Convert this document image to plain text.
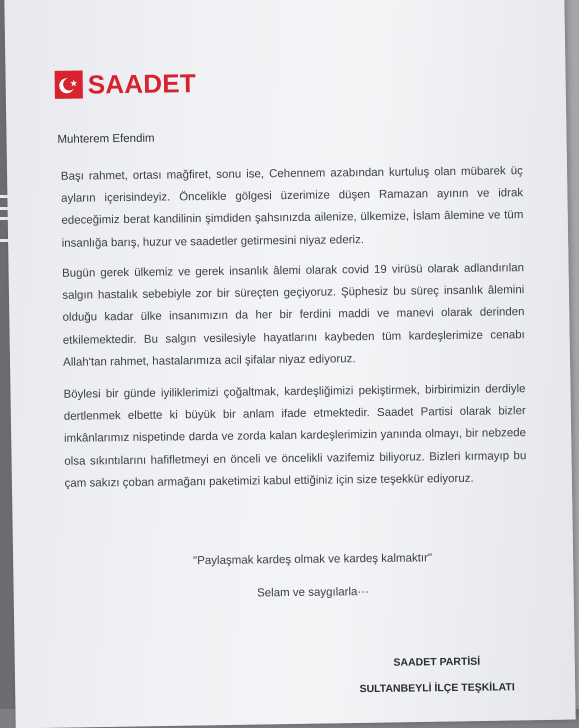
SAADET
Muhterem Efendim
Başı rahmet, ortası mağfiret, sonu ise, Cehennem azabından kurtuluş olan mübarek üç ayların içerisindeyiz. Öncelikle gölgesi üzerimize düşen Ramazan ayının ve idrak edeceğimiz berat kandilinin şimdiden şahsınızda ailenize, ülkemize, İslam âlemine ve tüm insanlığa barış, huzur ve saadetler getirmesini niyaz ederiz.
Bugün gerek ülkemiz ve gerek insanlık âlemi olarak covid 19 virüsü olarak adlandırılan salgın hastalık sebebiyle zor bir süreçten geçiyoruz. Şüphesiz bu süreç insanlık âlemini olduğu kadar ülke insanımızın da her bir ferdini maddi ve manevi olarak derinden etkilemektedir. Bu salgın vesilesiyle hayatlarını kaybeden tüm kardeşlerimize cenabı Allah'tan rahmet, hastalarımıza acil şifalar niyaz ediyoruz.
Böylesi bir günde iyiliklerimizi çoğaltmak, kardeşliğimizi pekiştirmek, birbirimizin derdiyle dertlenmek elbette ki büyük bir anlam ifade etmektedir. Saadet Partisi olarak bizler imkânlarımız nispetinde darda ve zorda kalan kardeşlerimizin yanında olmayı, bir nebzede olsa sıkıntılarını hafifletmeyi en önceli ve öncelikli vazifemiz biliyoruz. Bizleri kırmayıp bu çam sakızı çoban armağanı paketimizi kabul ettiğiniz için size teşekkür ediyoruz.
"Paylaşmak kardeş olmak ve kardeş kalmaktır"
Selam ve saygılarla···
SAADET PARTİSİ
SULTANBEYLİ İLÇE TEŞKİLATI
